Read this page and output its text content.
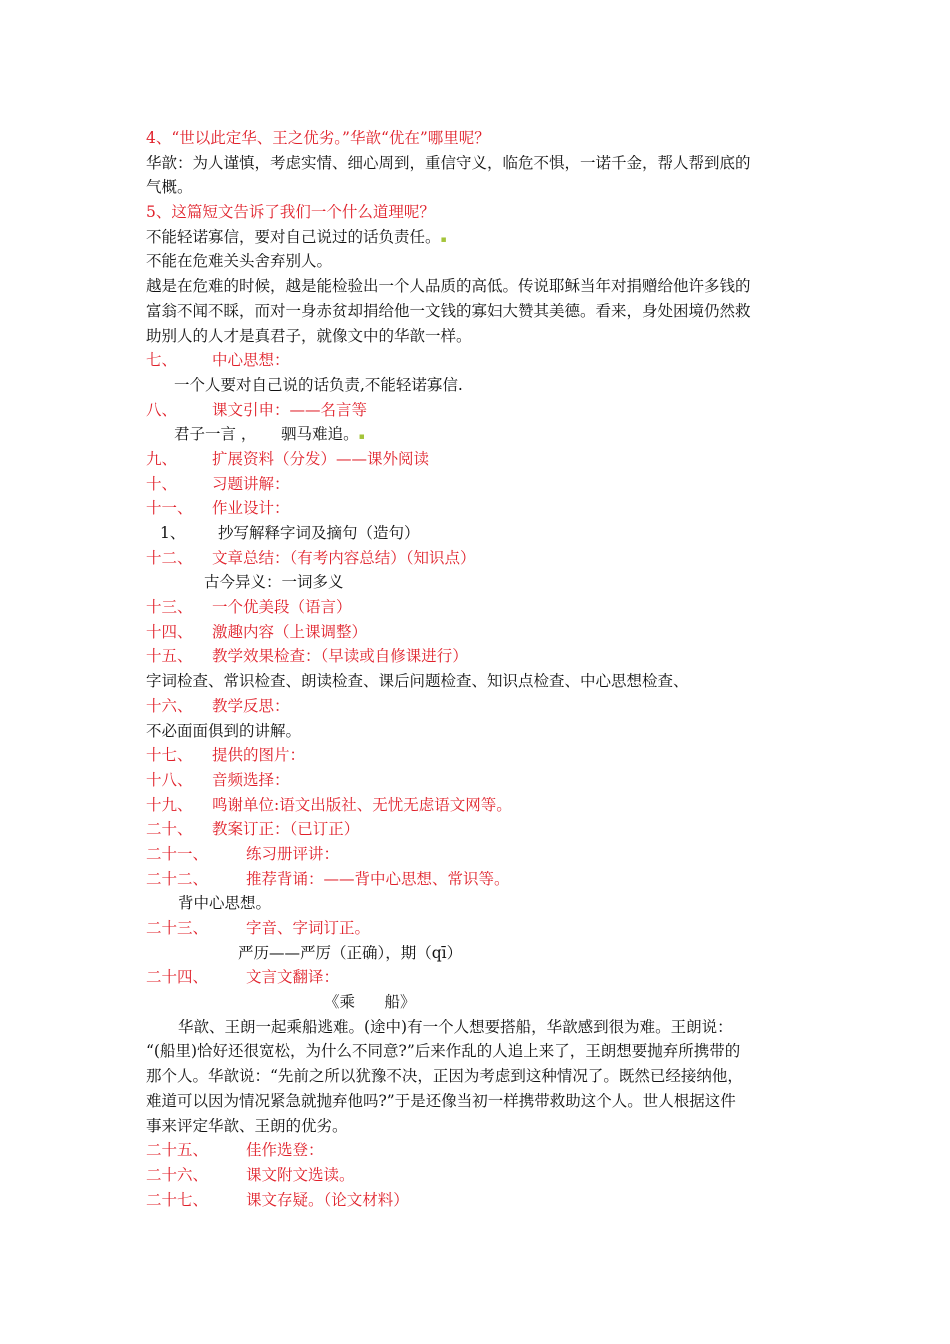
4、“世以此定华、王之优劣。”华歆“优在”哪里呢？
华歆：为人谨慎，考虑实情、细心周到，重信守义，临危不惧，一诺千金，帮人帮到底的
气概。
5、这篇短文告诉了我们一个什么道理呢？
不能轻诺寡信，要对自己说过的话负责任。▪
不能在危难关头舍弃别人。
越是在危难的时候，越是能检验出一个人品质的高低。传说耶稣当年对捐赠给他许多钱的
富翁不闻不睬，而对一身赤贫却捐给他一文钱的寡妇大赞其美德。看来，身处困境仍然救
助别人的人才是真君子，就像文中的华歆一样。
七、 中心思想：
一个人要对自己说的话负责,不能轻诺寡信.
八、 课文引申：——名言等
君子一言 ，     驷马难追。▪
九、 扩展资料（分发）——课外阅读
十、 习题讲解：
十一、 作业设计：
1、 抄写解释字词及摘句（造句）
十二、 文章总结：（有考内容总结）（知识点）
古今异义：一词多义
十三、 一个优美段（语言）
十四、 激趣内容（上课调整）
十五、 教学效果检查：（早读或自修课进行）
字词检查、常识检查、朗读检查、课后问题检查、知识点检查、中心思想检查、
十六、 教学反思：
不必面面俱到的讲解。
十七、 提供的图片：
十八、 音频选择：
十九、 鸣谢单位:语文出版社、无忧无虑语文网等。
二十、 教案订正：（已订正）
二十一、 练习册评讲：
二十二、 推荐背诵：——背中心思想、常识等。
背中心思想。
二十三、 字音、字词订正。
严历——严厉（正确），期（qī）
二十四、 文言文翻译：
《乘      船》
华歆、王朗一起乘船逃难。(途中)有一个人想要搭船，华歆感到很为难。王朗说：
“(船里)恰好还很宽松，为什么不同意?”后来作乱的人追上来了，王朗想要抛弃所携带的
那个人。华歆说：“先前之所以犹豫不决，正因为考虑到这种情况了。既然已经接纳他，
难道可以因为情况紧急就抛弃他吗?”于是还像当初一样携带救助这个人。世人根据这件
事来评定华歆、王朗的优劣。
二十五、 佳作选登：
二十六、 课文附文选读。
二十七、 课文存疑。（论文材料）
